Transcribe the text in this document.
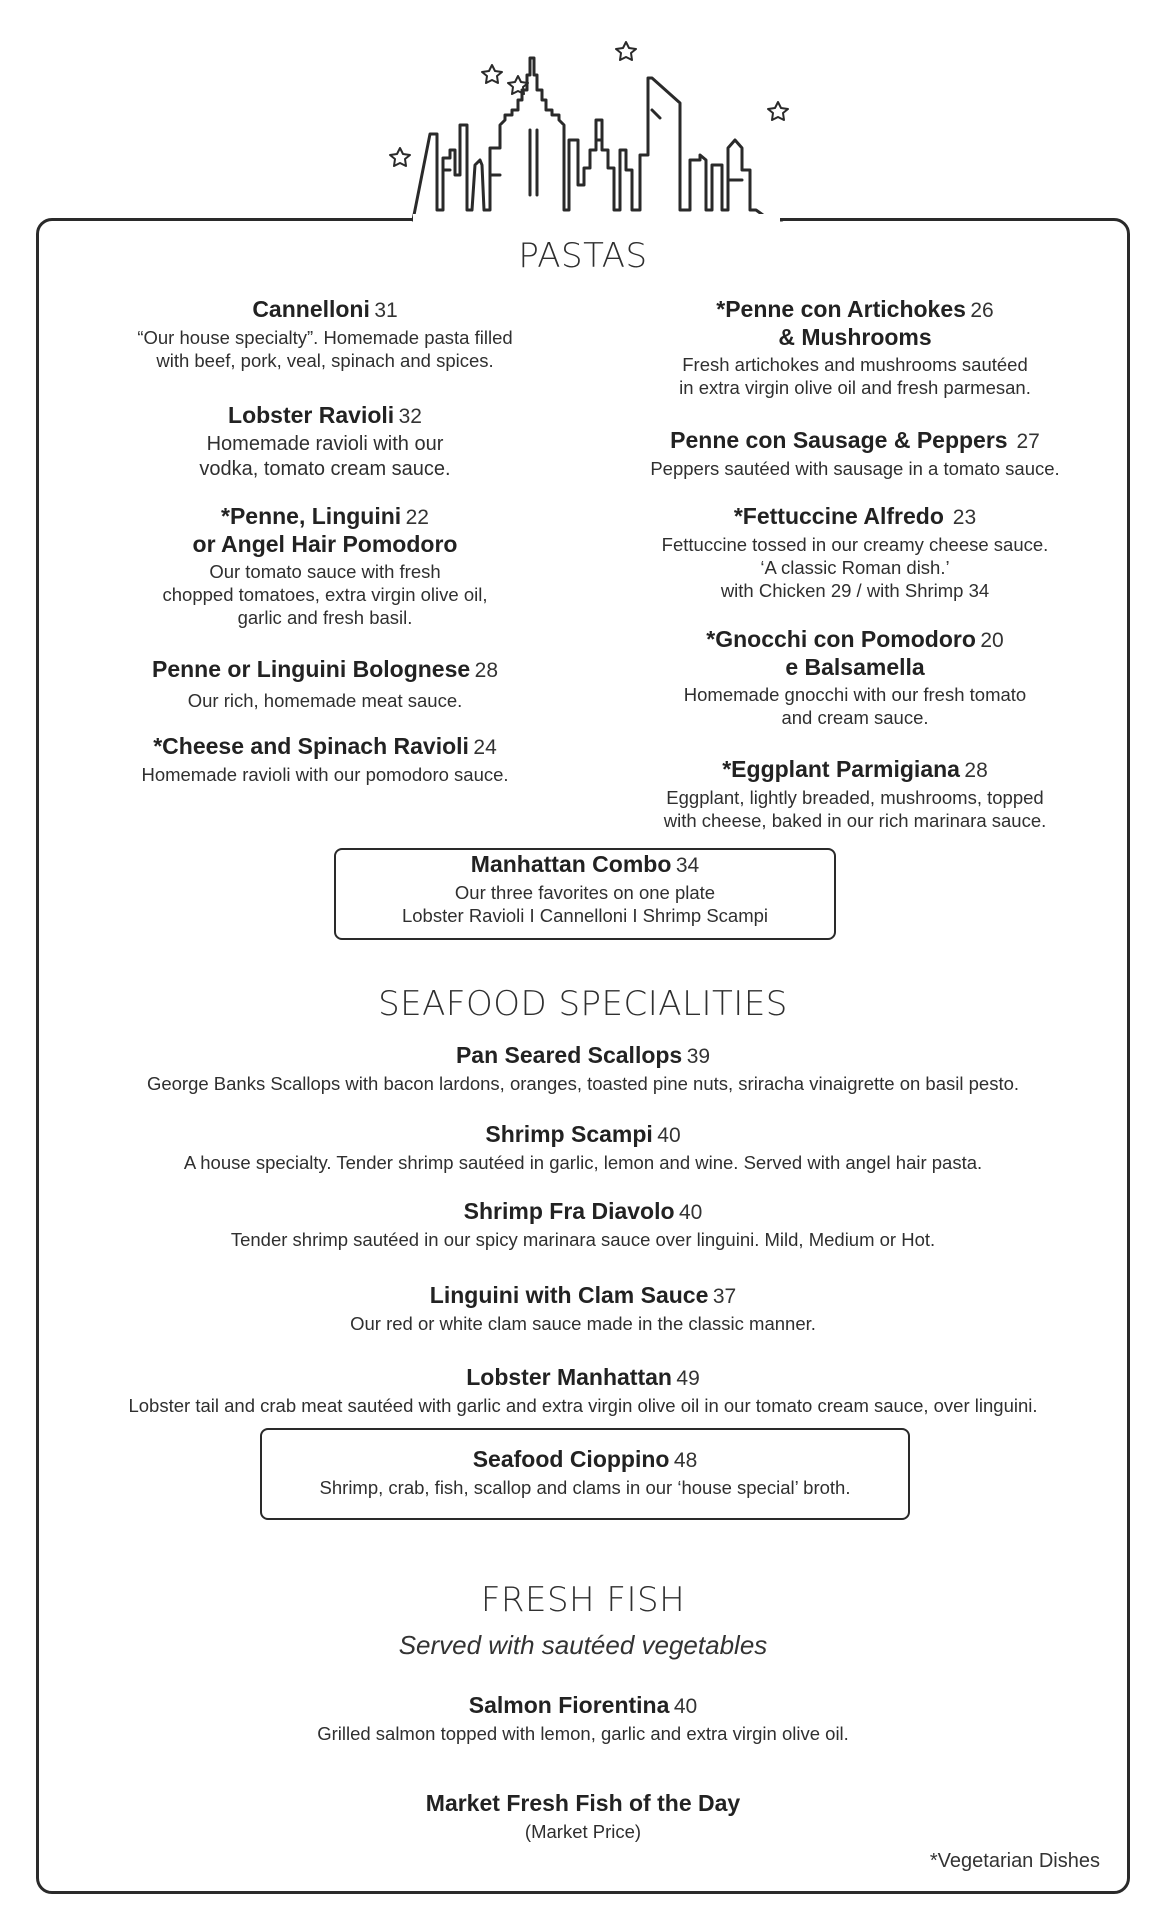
PASTAS
Cannelloni 31
“Our house specialty”. Homemade pasta filled
with beef, pork, veal, spinach and spices.
Lobster Ravioli 32
Homemade ravioli with our
vodka, tomato cream sauce.
*Penne, Linguini 22
or Angel Hair Pomodoro
Our tomato sauce with fresh
chopped tomatoes, extra virgin olive oil,
garlic and fresh basil.
Penne or Linguini Bolognese 28
Our rich, homemade meat sauce.
*Cheese and Spinach Ravioli 24
Homemade ravioli with our pomodoro sauce.
*Penne con Artichokes 26
& Mushrooms
Fresh artichokes and mushrooms sautéed
in extra virgin olive oil and fresh parmesan.
Penne con Sausage & Peppers 27
Peppers sautéed with sausage in a tomato sauce.
*Fettuccine Alfredo 23
Fettuccine tossed in our creamy cheese sauce.
‘A classic Roman dish.’
with Chicken 29 / with Shrimp 34
*Gnocchi con Pomodoro 20
e Balsamella
Homemade gnocchi with our fresh tomato
and cream sauce.
*Eggplant Parmigiana 28
Eggplant, lightly breaded, mushrooms, topped
with cheese, baked in our rich marinara sauce.
Manhattan Combo 34
Our three favorites on one plate
Lobster Ravioli I Cannelloni I Shrimp Scampi
SEAFOOD SPECIALITIES
Pan Seared Scallops 39
George Banks Scallops with bacon lardons, oranges, toasted pine nuts, sriracha vinaigrette on basil pesto.
Shrimp Scampi 40
A house specialty. Tender shrimp sautéed in garlic, lemon and wine. Served with angel hair pasta.
Shrimp Fra Diavolo 40
Tender shrimp sautéed in our spicy marinara sauce over linguini. Mild, Medium or Hot.
Linguini with Clam Sauce 37
Our red or white clam sauce made in the classic manner.
Lobster Manhattan 49
Lobster tail and crab meat sautéed with garlic and extra virgin olive oil in our tomato cream sauce, over linguini.
Seafood Cioppino 48
Shrimp, crab, fish, scallop and clams in our ‘house special’ broth.
FRESH FISH
Served with sautéed vegetables
Salmon Fiorentina 40
Grilled salmon topped with lemon, garlic and extra virgin olive oil.
Market Fresh Fish of the Day
(Market Price)
*Vegetarian Dishes
